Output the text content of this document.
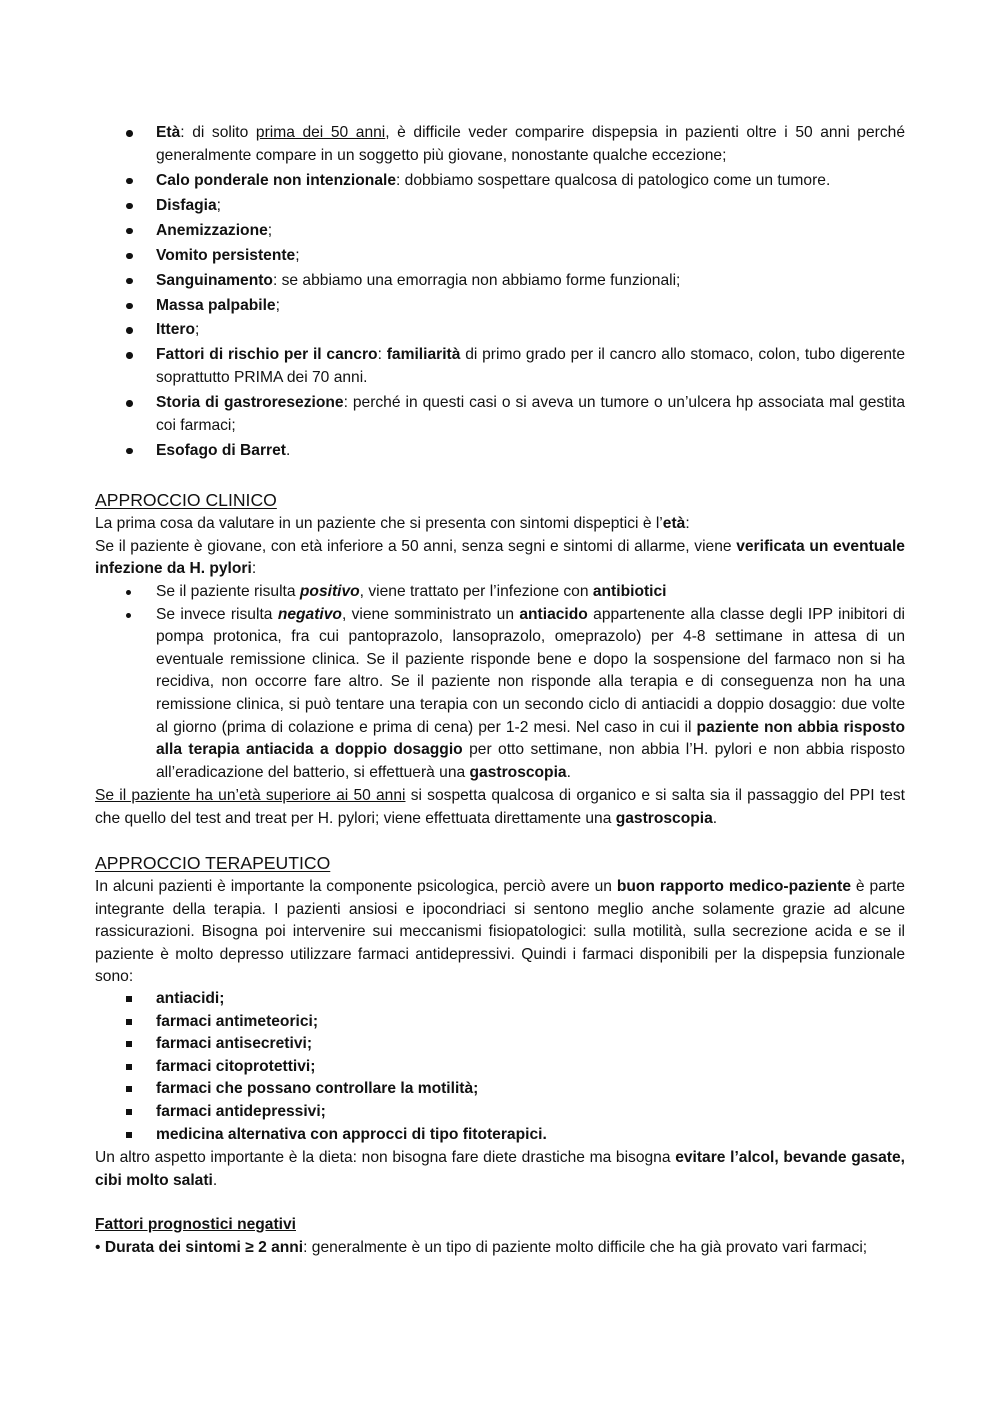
Età: di solito prima dei 50 anni, è difficile veder comparire dispepsia in pazienti oltre i 50 anni perché generalmente compare in un soggetto più giovane, nonostante qualche eccezione;
Calo ponderale non intenzionale: dobbiamo sospettare qualcosa di patologico come un tumore.
Disfagia;
Anemizzazione;
Vomito persistente;
Sanguinamento: se abbiamo una emorragia non abbiamo forme funzionali;
Massa palpabile;
Ittero;
Fattori di rischio per il cancro: familiarità di primo grado per il cancro allo stomaco, colon, tubo digerente soprattutto PRIMA dei 70 anni.
Storia di gastroresezione: perché in questi casi o si aveva un tumore o un’ulcera hp associata mal gestita coi farmaci;
Esofago di Barret.
APPROCCIO CLINICO

La prima cosa da valutare in un paziente che si presenta con sintomi dispeptici è l’età:
Se il paziente è giovane, con età inferiore a 50 anni, senza segni e sintomi di allarme, viene verificata un eventuale infezione da H. pylori:

Se il paziente risulta positivo, viene trattato per l’infezione con antibiotici
Se invece risulta negativo, viene somministrato un antiacido appartenente alla classe degli IPP inibitori di pompa protonica, fra cui pantoprazolo, lansoprazolo, omeprazolo) per 4-8 settimane in attesa di un eventuale remissione clinica. Se il paziente risponde bene e dopo la sospensione del farmaco non si ha recidiva, non occorre fare altro. Se il paziente non risponde alla terapia e di conseguenza non ha una remissione clinica, si può tentare una terapia con un secondo ciclo di antiacidi a doppio dosaggio: due volte al giorno (prima di colazione e prima di cena) per 1-2 mesi. Nel caso in cui il paziente non abbia risposto alla terapia antiacida a doppio dosaggio per otto settimane, non abbia l’H. pylori e non abbia risposto all’eradicazione del batterio, si effettuerà una gastroscopia.

Se il paziente ha un’età superiore ai 50 anni si sospetta qualcosa di organico e si salta sia il passaggio del PPI test che quello del test and treat per H. pylori; viene effettuata direttamente una gastroscopia.

APPROCCIO TERAPEUTICO

In alcuni pazienti è importante la componente psicologica, perciò avere un buon rapporto medico-paziente è parte integrante della terapia. I pazienti ansiosi e ipocondriaci si sentono meglio anche solamente grazie ad alcune rassicurazioni. Bisogna poi intervenire sui meccanismi fisiopatologici: sulla motilità, sulla secrezione acida e se il paziente è molto depresso utilizzare farmaci antidepressivi. Quindi i farmaci disponibili per la dispepsia funzionale sono:

antiacidi;
farmaci antimeteorici;
farmaci antisecretivi;
farmaci citoprotettivi;
farmaci che possano controllare la motilità;
farmaci antidepressivi;
medicina alternativa con approcci di tipo fitoterapici.

Un altro aspetto importante è la dieta: non bisogna fare diete drastiche ma bisogna evitare l’alcol, bevande gasate, cibi molto salati.

Fattori prognostici negativi

• Durata dei sintomi ≥ 2 anni: generalmente è un tipo di paziente molto difficile che ha già provato vari farmaci;
